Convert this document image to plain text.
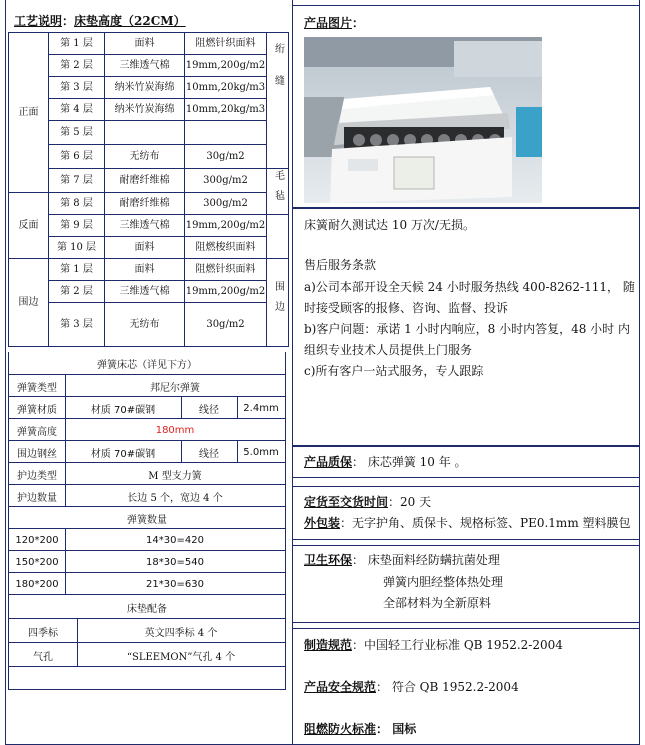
工艺说明：床垫高度（22CM）
正面	第 1 层	面料	阻燃针织面料	绗缝
	第 2 层	三维透气棉	19mm,200g/m2	
	第 3 层	纳米竹炭海绵	10mm,20kg/m3	
	第 4 层	纳米竹炭海绵	10mm,20kg/m3	
	第 5 层			
	第 6 层	无纺布	30g/m2	
	第 7 层	耐磨纤维棉	300g/m2	毛毡
反面	第 8 层	耐磨纤维棉	300g/m2	
	第 9 层	三维透气棉	19mm,200g/m2	
	第 10 层	面料	阻燃梭织面料	
围边	第 1 层	面料	阻燃针织面料	围边
	第 2 层	三维透气棉	19mm,200g/m2	
	第 3 层	无纺布	30g/m2	
弹簧床芯（详见下方）
弹簧类型	邦尼尔弹簧
弹簧材质	材质 70#碳钢	线径	2.4mm
弹簧高度	180mm
围边钢丝	材质 70#碳钢	线径	5.0mm
护边类型	M 型支力簧
护边数量	长边 5 个，宽边 4 个
弹簧数量
120*200	14*30=420
150*200	18*30=540
180*200	21*30=630
床垫配备
四季标	英文四季标 4 个
气孔	“SLEEMON”气孔 4 个
产品图片：
床簧耐久测试达 10 万次/无损。
售后服务条款
a)公司本部开设全天候 24 小时服务热线 400-8262-111， 随
时接受顾客的报修、咨询、监督、投诉
b)客户问题：承诺 1 小时内响应，8 小时内答复，48 小时 内
组织专业技术人员提供上门服务
c)所有客户一站式服务，专人跟踪
产品质保： 床芯弹簧 10 年 。
定货至交货时间：20 天
外包装：无字护角、质保卡、规格标签、PE0.1mm 塑料膜包
卫生环保： 床垫面料经防螨抗菌处理
弹簧内胆经整体热处理
全部材料为全新原料
制造规范：中国轻工行业标准 QB 1952.2-2004
产品安全规范： 符合 QB 1952.2-2004
阻燃防火标准： 国标
